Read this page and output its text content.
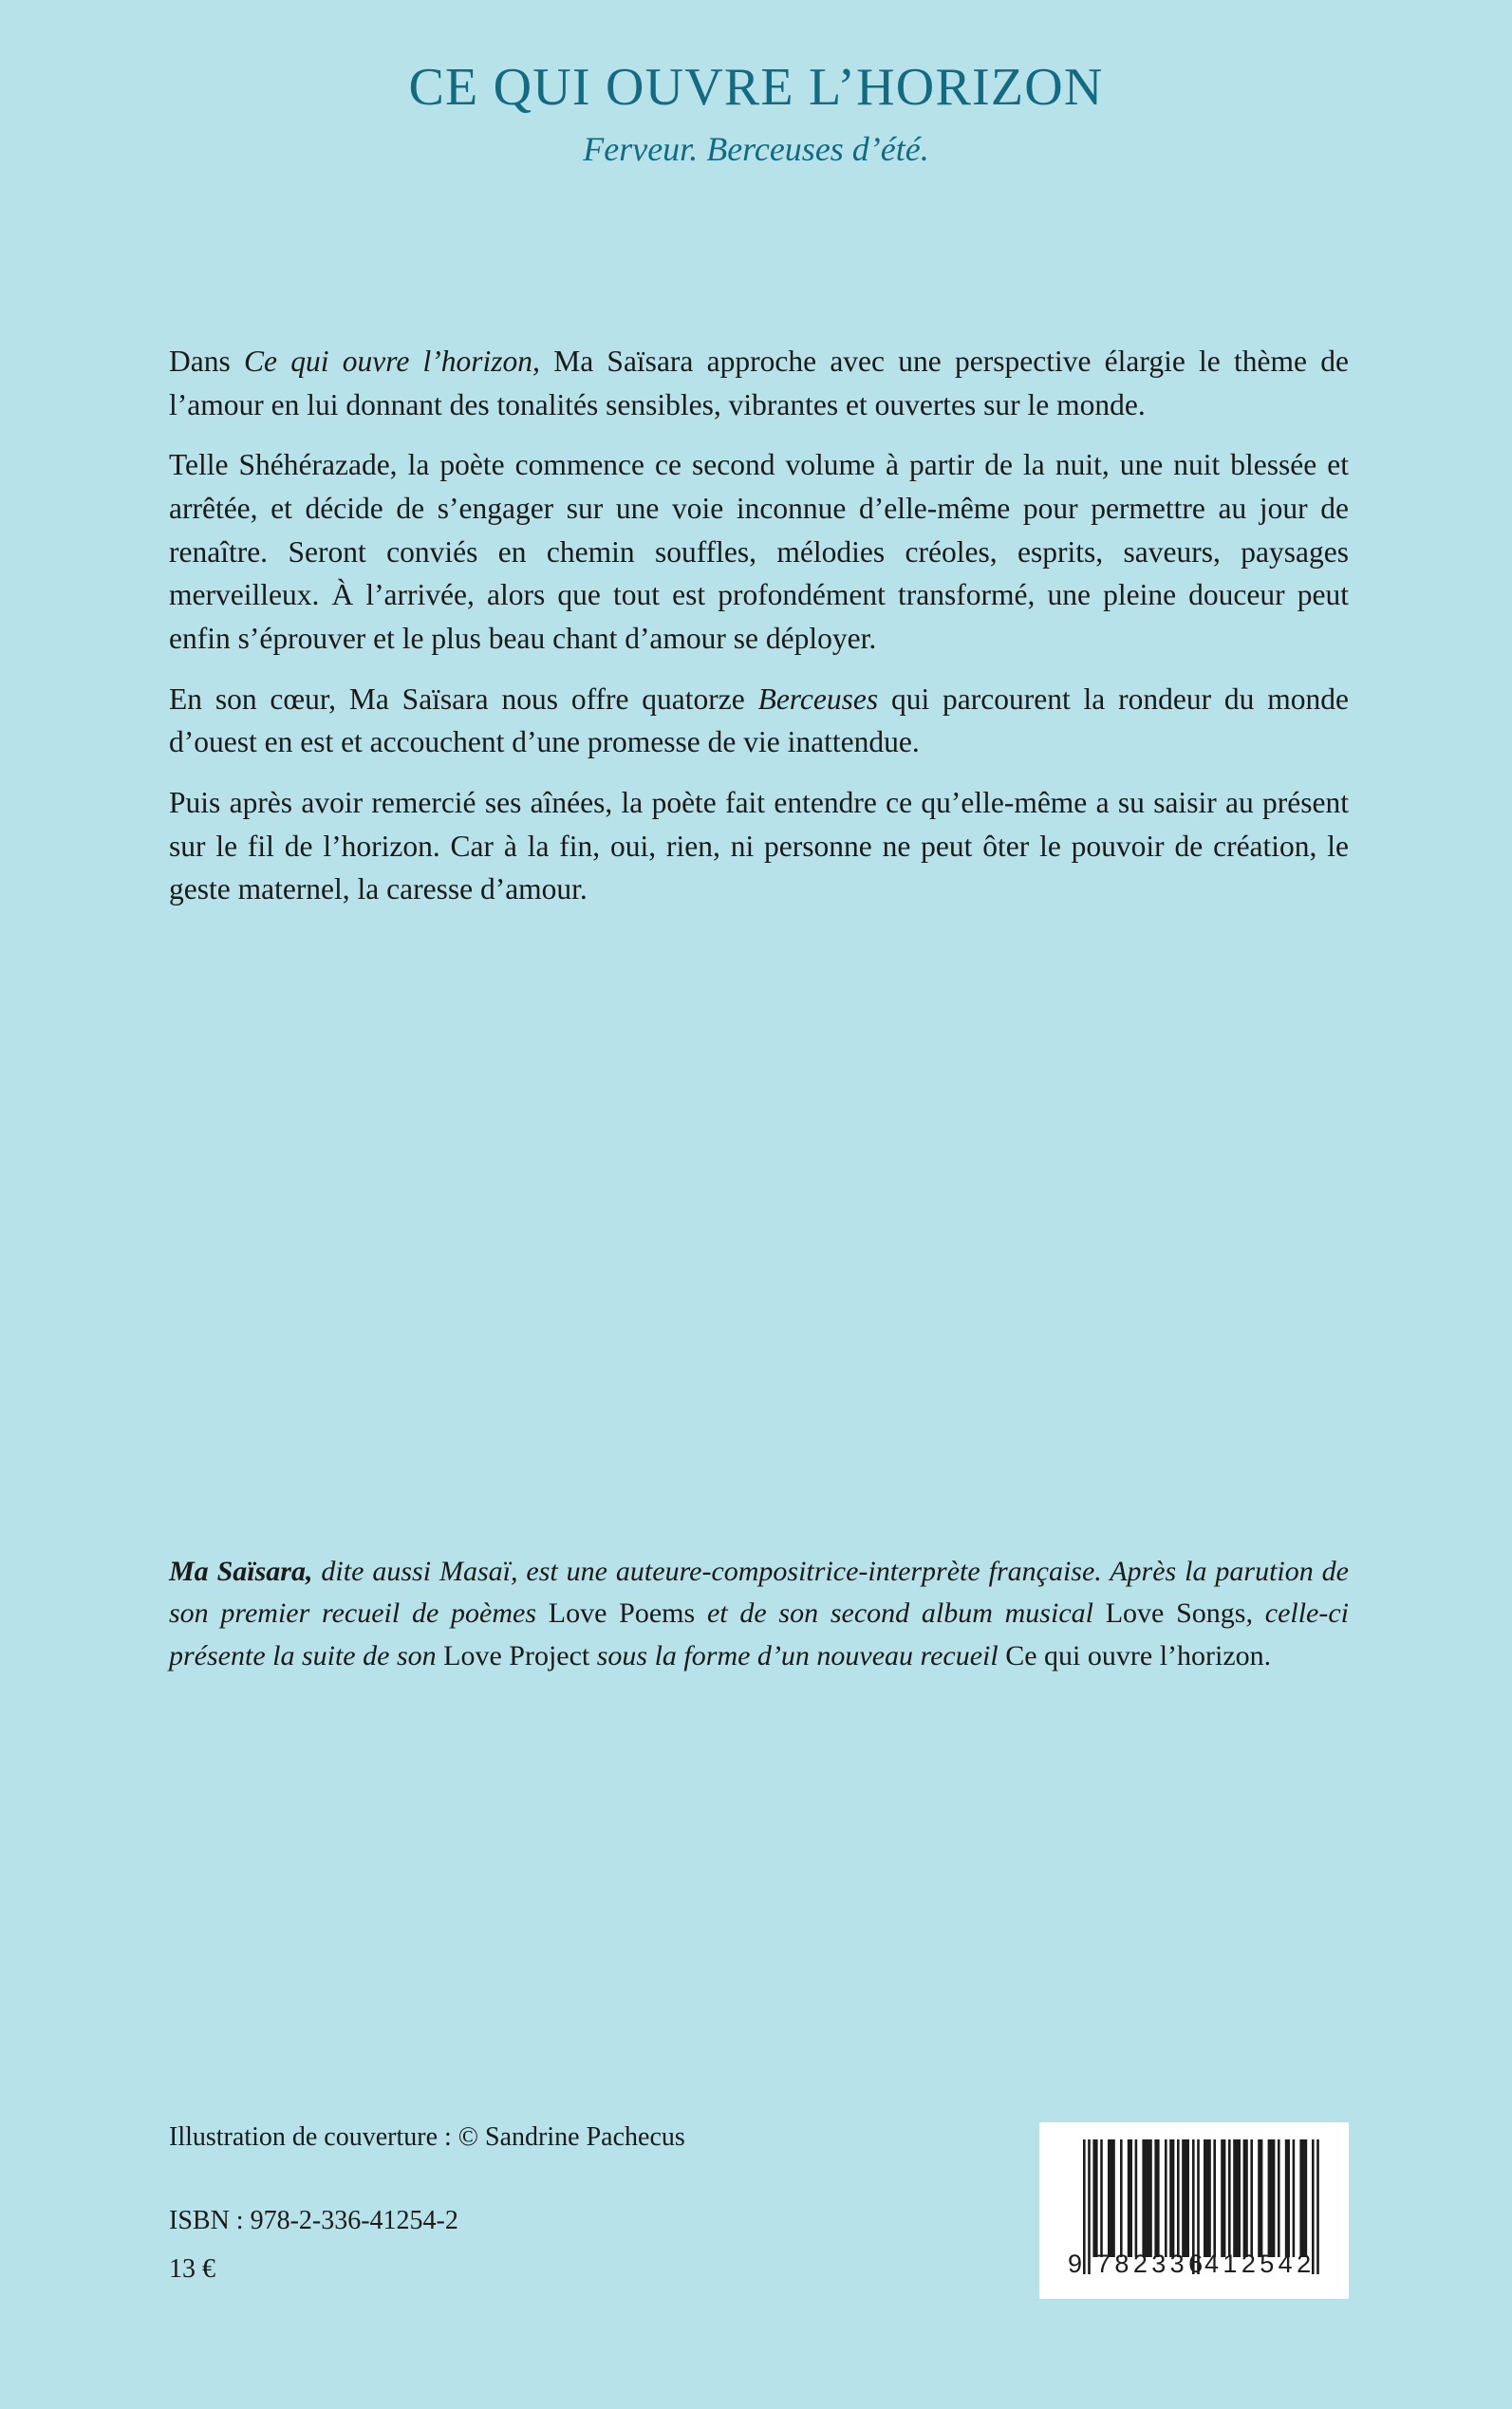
CE QUI OUVRE L’HORIZON
Ferveur. Berceuses d’été.

Dans Ce qui ouvre l’horizon, Ma Saïsara approche avec une perspective élargie le thème de l’amour en lui donnant des tonalités sensibles, vibrantes et ouvertes sur le monde.

Telle Shéhérazade, la poète commence ce second volume à partir de la nuit, une nuit blessée et arrêtée, et décide de s’engager sur une voie inconnue d’elle-même pour permettre au jour de renaître. Seront conviés en chemin souffles, mélodies créoles, esprits, saveurs, paysages merveilleux. À l’arrivée, alors que tout est profondément transformé, une pleine douceur peut enfin s’éprouver et le plus beau chant d’amour se déployer.

En son cœur, Ma Saïsara nous offre quatorze Berceuses qui parcourent la rondeur du monde d’ouest en est et accouchent d’une promesse de vie inattendue.

Puis après avoir remercié ses aînées, la poète fait entendre ce qu’elle-même a su saisir au présent sur le fil de l’horizon. Car à la fin, oui, rien, ni personne ne peut ôter le pouvoir de création, le geste maternel, la caresse d’amour.

Ma Saïsara, dite aussi Masaï, est une auteure-compositrice-interprète française. Après la parution de son premier recueil de poèmes Love Poems et de son second album musical Love Songs, celle-ci présente la suite de son Love Project sous la forme d’un nouveau recueil Ce qui ouvre l’horizon.

Illustration de couverture : © Sandrine Pachecus

ISBN : 978-2-336-41254-2

13 €	9 782336
412542
